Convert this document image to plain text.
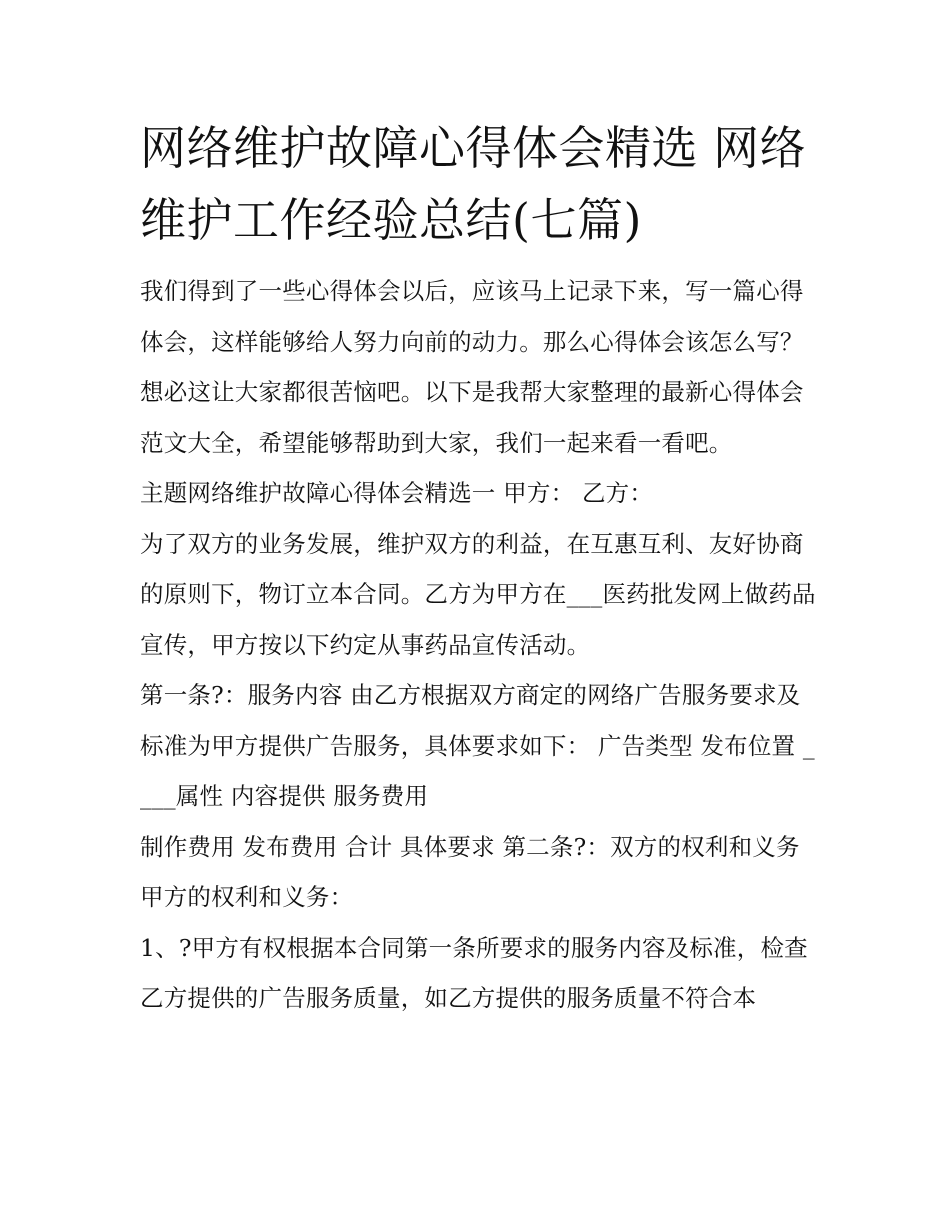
网络维护故障心得体会精选 网络维护工作经验总结(七篇)

我们得到了一些心得体会以后，应该马上记录下来，写一篇心得体会，这样能够给人努力向前的动力。那么心得体会该怎么写？想必这让大家都很苦恼吧。以下是我帮大家整理的最新心得体会范文大全，希望能够帮助到大家，我们一起来看一看吧。

主题网络维护故障心得体会精选一 甲方： 乙方：

为了双方的业务发展，维护双方的利益，在互惠互利、友好协商的原则下，物订立本合同。乙方为甲方在___医药批发网上做药品宣传，甲方按以下约定从事药品宣传活动。

第一条?：服务内容 由乙方根据双方商定的网络广告服务要求及标准为甲方提供广告服务，具体要求如下： 广告类型 发布位置 ____属性 内容提供 服务费用

制作费用 发布费用 合计 具体要求 第二条?：双方的权利和义务 甲方的权利和义务：

1、?甲方有权根据本合同第一条所要求的服务内容及标准，检查乙方提供的广告服务质量，如乙方提供的服务质量不符合本
